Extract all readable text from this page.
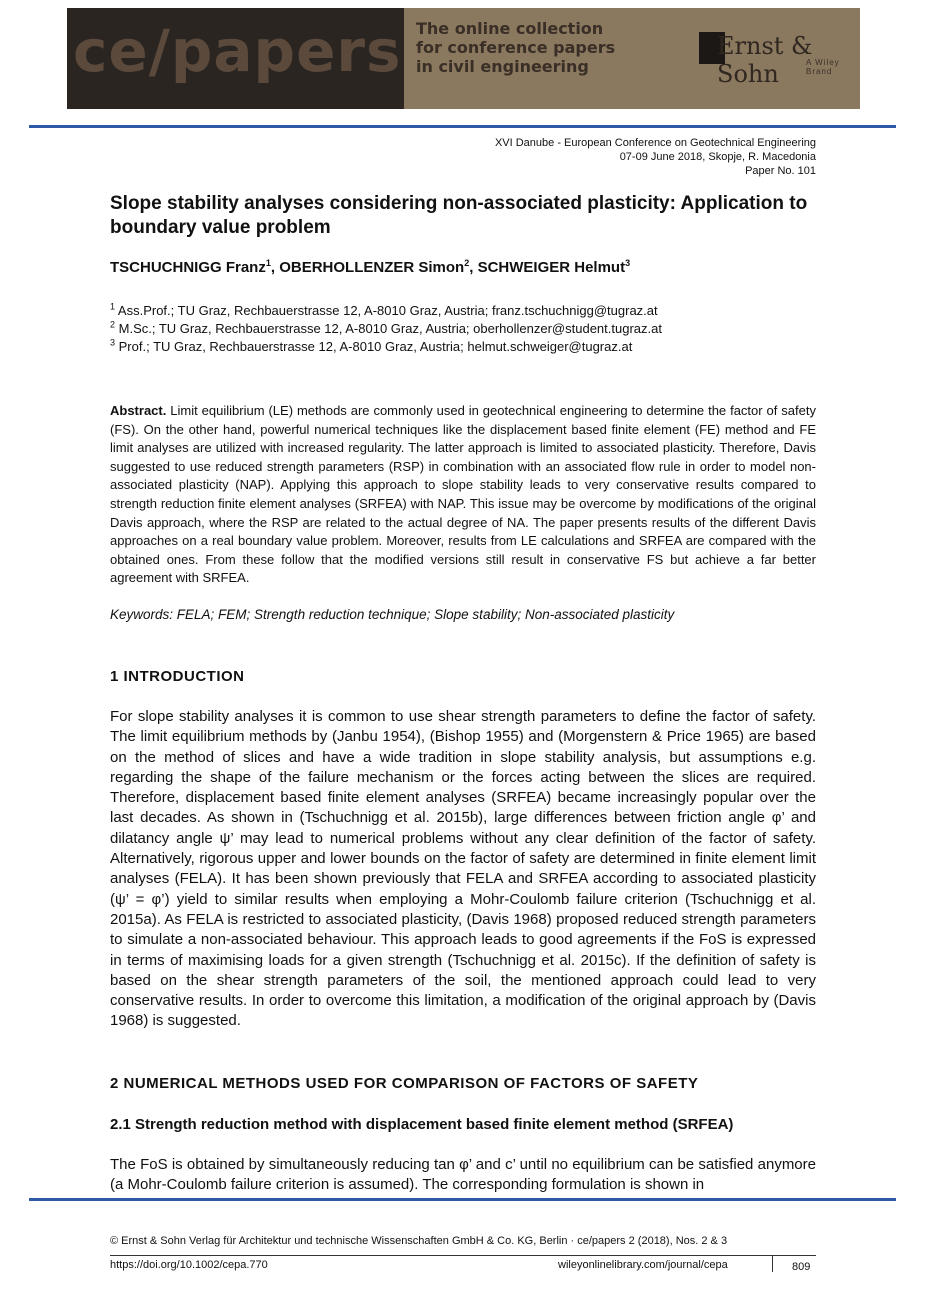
ce/papers The online collection
for conference papers
in civil engineering
Ernst & Sohn	A Wiley Brand
XVI Danube - European Conference on Geotechnical Engineering
07-09 June 2018, Skopje, R. Macedonia
Paper No. 101
Slope stability analyses considering non-associated plasticity: Application to boundary value problem
TSCHUCHNIGG Franz$^1$, OBERHOLLENZER Simon$^2$, SCHWEIGER Helmut$^3$
$^1$ Ass.Prof.; TU Graz, Rechbauerstrasse 12, A-8010 Graz, Austria; franz.tschuchnigg@tugraz.at
$^2$ M.Sc.; TU Graz, Rechbauerstrasse 12, A-8010 Graz, Austria; oberhollenzer@student.tugraz.at
$^3$ Prof.; TU Graz, Rechbauerstrasse 12, A-8010 Graz, Austria; helmut.schweiger@tugraz.at
Abstract. Limit equilibrium (LE) methods are commonly used in geotechnical engineering to determine the factor of safety (FS). On the other hand, powerful numerical techniques like the displacement based finite element (FE) method and FE limit analyses are utilized with increased regularity. The latter approach is limited to associated plasticity. Therefore, Davis suggested to use reduced strength parameters (RSP) in combination with an associated flow rule in order to model non-associated plasticity (NAP). Applying this approach to slope stability leads to very conservative results compared to strength reduction finite element analyses (SRFEA) with NAP. This issue may be overcome by modifications of the original Davis approach, where the RSP are related to the actual degree of NA. The paper presents results of the different Davis approaches on a real boundary value problem. Moreover, results from LE calculations and SRFEA are compared with the obtained ones. From these follow that the modified versions still result in conservative FS but achieve a far better agreement with SRFEA.
Keywords: FELA; FEM; Strength reduction technique; Slope stability; Non-associated plasticity
1 INTRODUCTION
For slope stability analyses it is common to use shear strength parameters to define the factor of safety. The limit equilibrium methods by (Janbu 1954), (Bishop 1955) and (Morgenstern & Price 1965) are based on the method of slices and have a wide tradition in slope stability analysis, but assumptions e.g. regarding the shape of the failure mechanism or the forces acting between the slices are required. Therefore, displacement based finite element analyses (SRFEA) became increasingly popular over the last decades. As shown in (Tschuchnigg et al. 2015b), large differences between friction angle φ’ and dilatancy angle ψ’ may lead to numerical problems without any clear definition of the factor of safety. Alternatively, rigorous upper and lower bounds on the factor of safety are determined in finite element limit analyses (FELA). It has been shown previously that FELA and SRFEA according to associated plasticity (ψ’ = φ’) yield to similar results when employing a Mohr-Coulomb failure criterion (Tschuchnigg et al. 2015a). As FELA is restricted to associated plasticity, (Davis 1968) proposed reduced strength parameters to simulate a non-associated behaviour. This approach leads to good agreements if the FoS is expressed in terms of maximising loads for a given strength (Tschuchnigg et al. 2015c). If the definition of safety is based on the shear strength parameters of the soil, the mentioned approach could lead to very conservative results. In order to overcome this limitation, a modification of the original approach by (Davis 1968) is suggested.
2 NUMERICAL METHODS USED FOR COMPARISON OF FACTORS OF SAFETY
2.1 Strength reduction method with displacement based finite element method (SRFEA)
The FoS is obtained by simultaneously reducing tan φ’ and c’ until no equilibrium can be satisfied anymore (a Mohr-Coulomb failure criterion is assumed). The corresponding formulation is shown in
© Ernst & Sohn Verlag für Architektur und technische Wissenschaften GmbH & Co. KG, Berlin · ce/papers 2 (2018), Nos. 2 & 3
https://doi.org/10.1002/cepa.770	wileyonlinelibrary.com/journal/cepa	809
